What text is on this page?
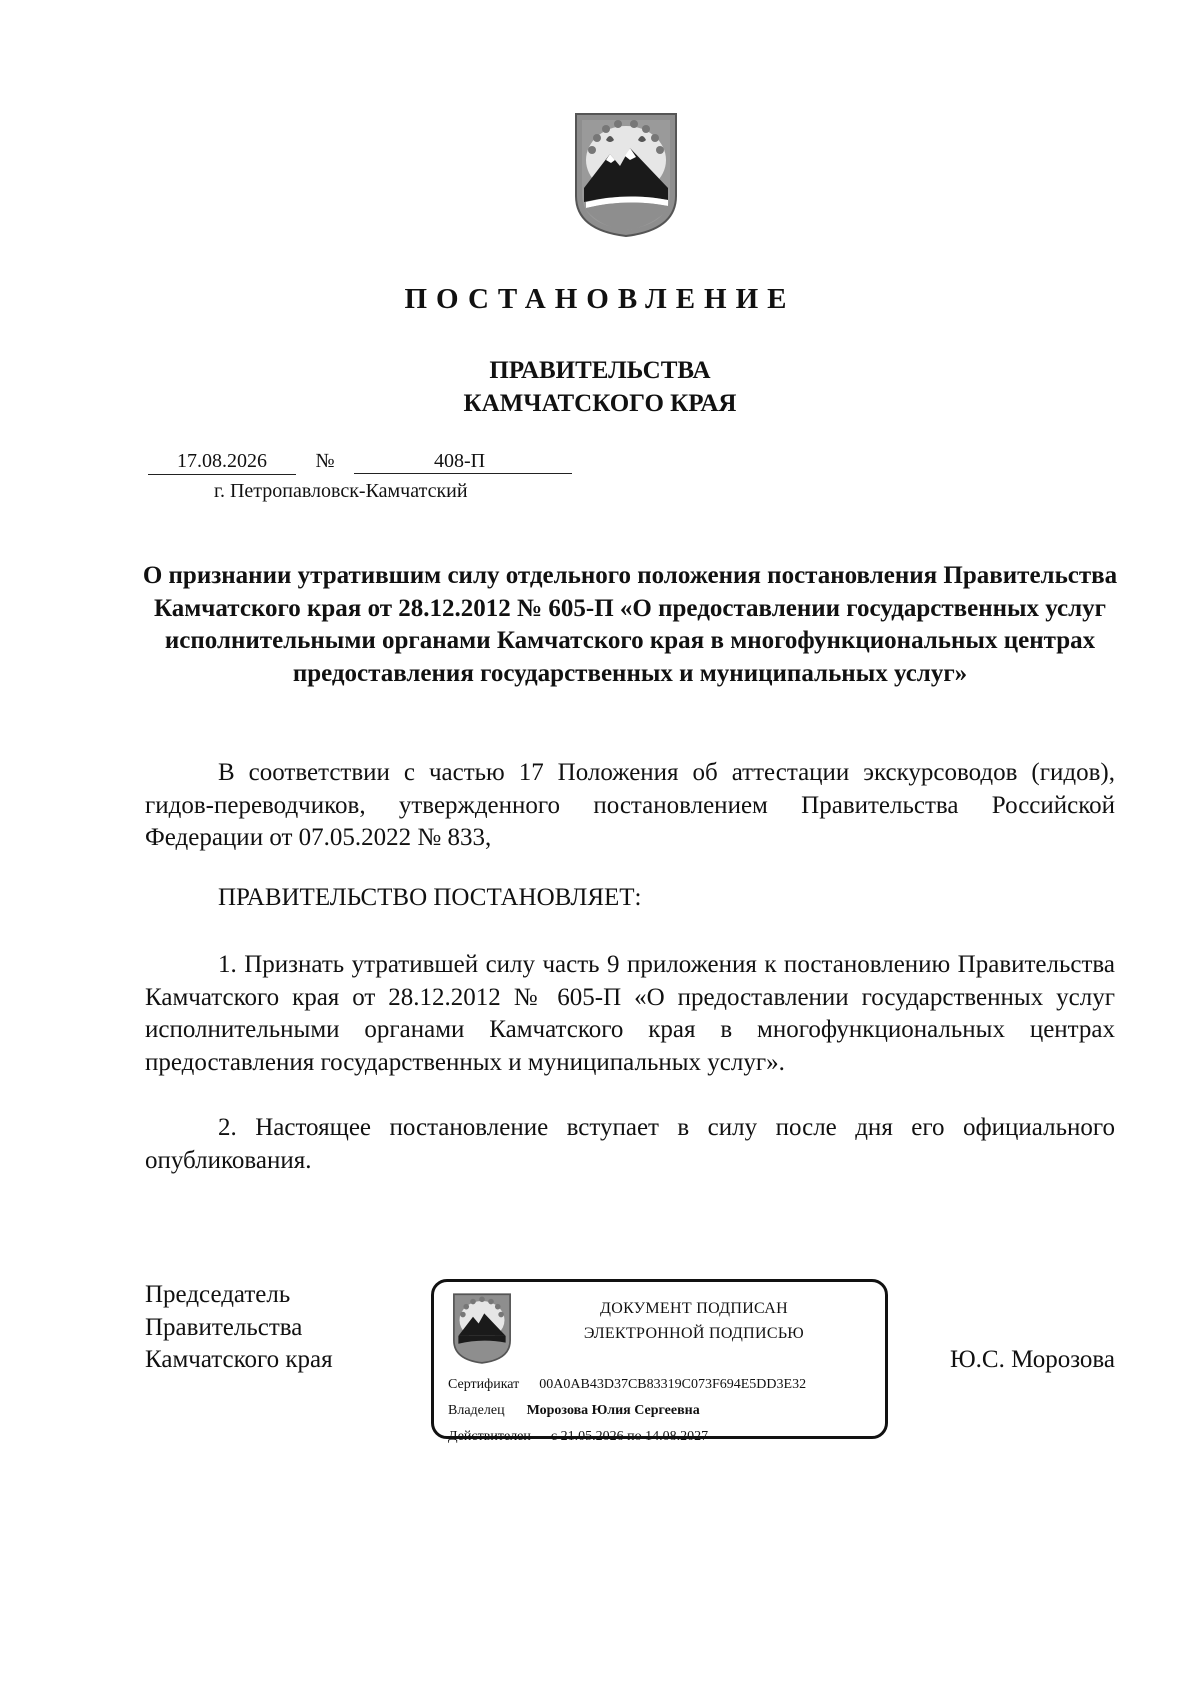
ПОСТАНОВЛЕНИЕ
ПРАВИТЕЛЬСТВА
КАМЧАТСКОГО КРАЯ
17.08.2026	№	408-П
г. Петропавловск-Камчатский
О признании утратившим силу отдельного положения постановления Правительства Камчатского края от 28.12.2012 № 605-П «О предоставлении государственных услуг исполнительными органами Камчатского края в многофункциональных центрах предоставления государственных и муниципальных услуг»
В соответствии с частью 17 Положения об аттестации экскурсоводов (гидов), гидов-переводчиков, утвержденного постановлением Правительства Российской Федерации от 07.05.2022 № 833,
ПРАВИТЕЛЬСТВО ПОСТАНОВЛЯЕТ:
1. Признать утратившей силу часть 9 приложения к постановлению Правительства Камчатского края от 28.12.2012 № 605-П «О предоставлении государственных услуг исполнительными органами Камчатского края в многофункциональных центрах предоставления государственных и муниципальных услуг».
2. Настоящее постановление вступает в силу после дня его официального опубликования.
Председатель
Правительства
Камчатского края
ДОКУМЕНТ ПОДПИСАН
ЭЛЕКТРОННОЙ ПОДПИСЬЮ
Сертификат 00A0AB43D37CB83319C073F694E5DD3E32
Владелец Морозова Юлия Сергеевна
Действителен с 21.05.2026 по 14.08.2027
Ю.С. Морозова
